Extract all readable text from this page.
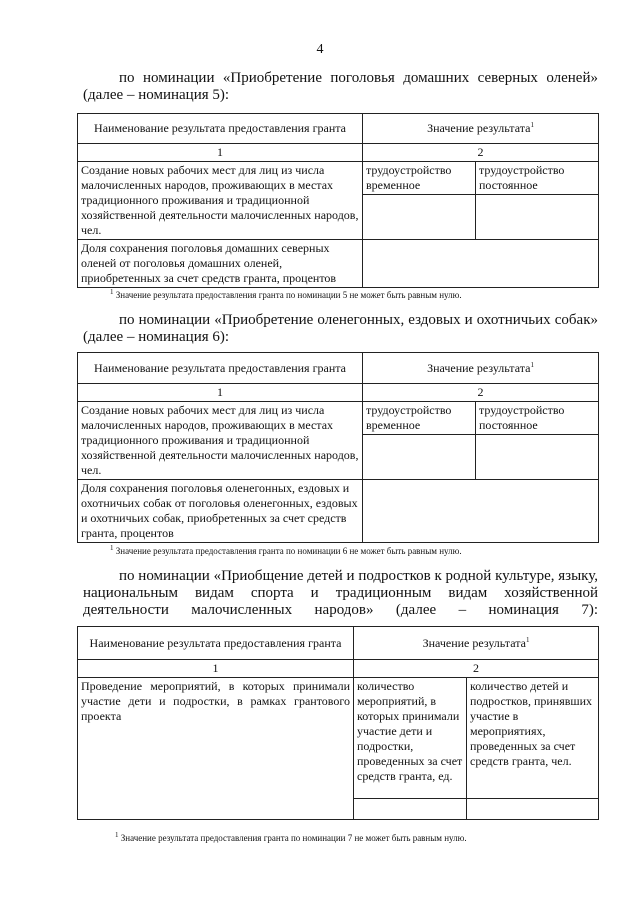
4
по номинации «Приобретение поголовья домашних северных оленей» (далее – номинация 5):
Наименование результата предоставления гранта	Значение результата$^1$
1	2	
Создание новых рабочих мест для лиц из числа малочисленных народов, проживающих в местах традиционного проживания и традиционной хозяйственной деятельности малочисленных народов, чел.	трудоустройство временное	трудоустройство постоянное

Доля сохранения поголовья домашних северных оленей от поголовья домашних оленей, приобретенных за счет средств гранта, процентов		
$^1$ Значение результата предоставления гранта по номинации 5 не может быть равным нулю.
по номинации «Приобретение оленегонных, ездовых и охотничьих собак» (далее – номинация 6):
Наименование результата предоставления гранта	Значение результата$^1$
1	2	
Создание новых рабочих мест для лиц из числа малочисленных народов, проживающих в местах традиционного проживания и традиционной хозяйственной деятельности малочисленных народов, чел.	трудоустройство временное	трудоустройство постоянное

Доля сохранения поголовья оленегонных, ездовых и охотничьих собак от поголовья оленегонных, ездовых и охотничьих собак, приобретенных за счет средств гранта, процентов		
$^1$ Значение результата предоставления гранта по номинации 6 не может быть равным нулю.
по номинации «Приобщение детей и подростков к родной культуре, языку, национальным видам спорта и традиционным видам хозяйственной деятельности малочисленных народов» (далее – номинация 7):
Наименование результата предоставления гранта	Значение результата$^1$
1	2	
Проведение мероприятий, в которых принимали участие дети и подростки, в рамках грантового проекта	количество мероприятий, в которых принимали участие дети и подростки, проведенных за счет средств гранта, ед.	количество детей и подростков, принявших участие в мероприятиях, проведенных за счет средств гранта, чел.

$^1$ Значение результата предоставления гранта по номинации 7 не может быть равным нулю.
